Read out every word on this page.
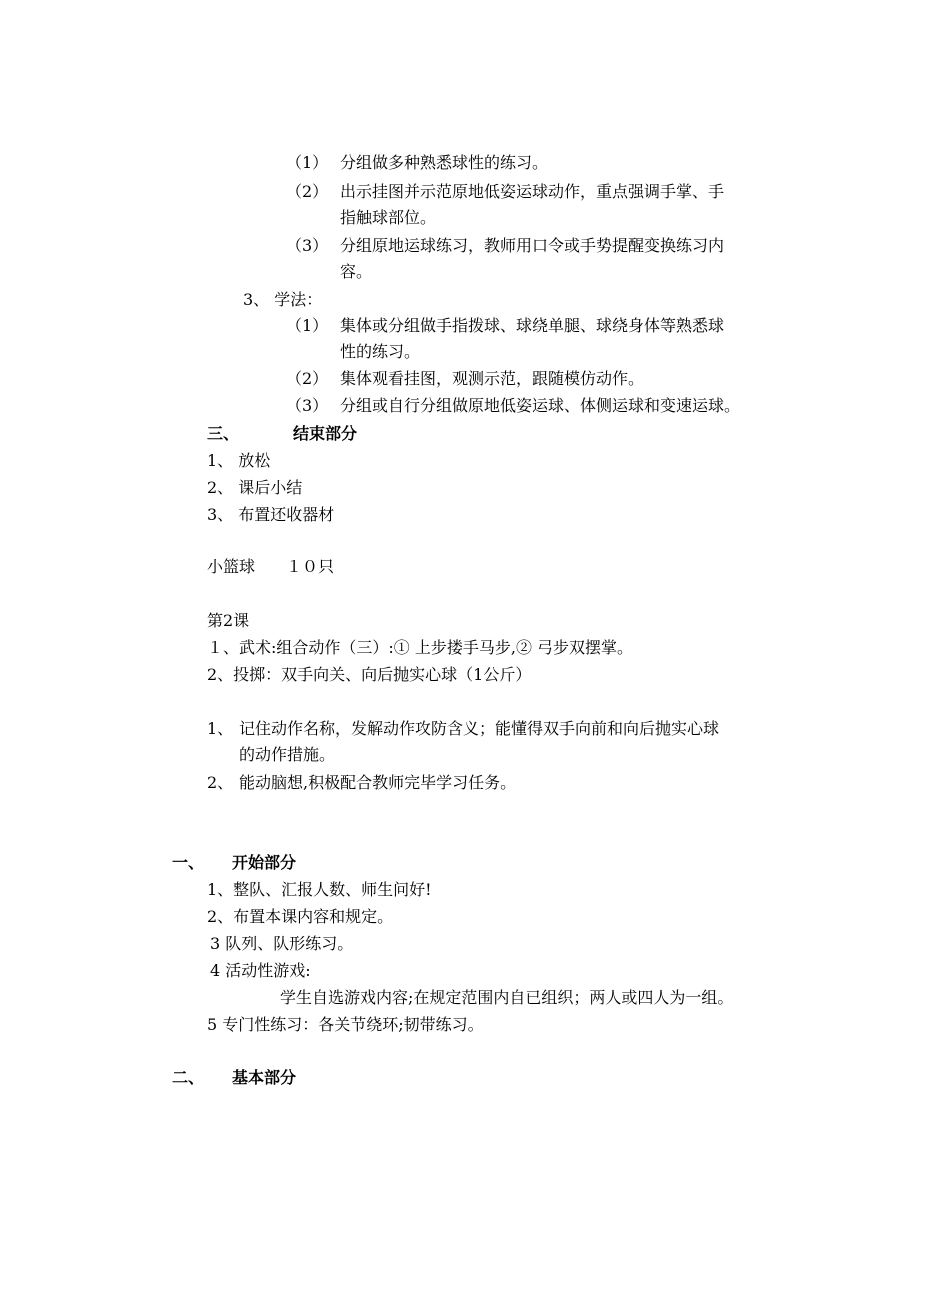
（1） 分组做多种熟悉球性的练习。
（2） 出示挂图并示范原地低姿运球动作，重点强调手掌、手
指触球部位。
（3） 分组原地运球练习，教师用口令或手势提醒变换练习内
容。
3、 学法：
（1） 集体或分组做手指拨球、球绕单腿、球绕身体等熟悉球
性的练习。
（2） 集体观看挂图，观测示范，跟随模仿动作。
（3） 分组或自行分组做原地低姿运球、体侧运球和变速运球。
三、	结束部分
1、 放松
2、 课后小结
3、 布置还收器材
小篮球 １０只
第2课
１、武术:组合动作（三）:① 上步搂手马步,② 弓步双摆掌。
2、投掷：双手向关、向后抛实心球（1公斤）
1、 记住动作名称，发解动作攻防含义；能懂得双手向前和向后抛实心球
的动作措施。
2、 能动脑想,积极配合教师完毕学习任务。
一、 开始部分
1、整队、汇报人数、师生问好!
2、布置本课内容和规定。
3 队列、队形练习。
4 活动性游戏:
学生自选游戏内容;在规定范围内自已组织；两人或四人为一组。
5 专门性练习：各关节绕环;韧带练习。
二、 基本部分
